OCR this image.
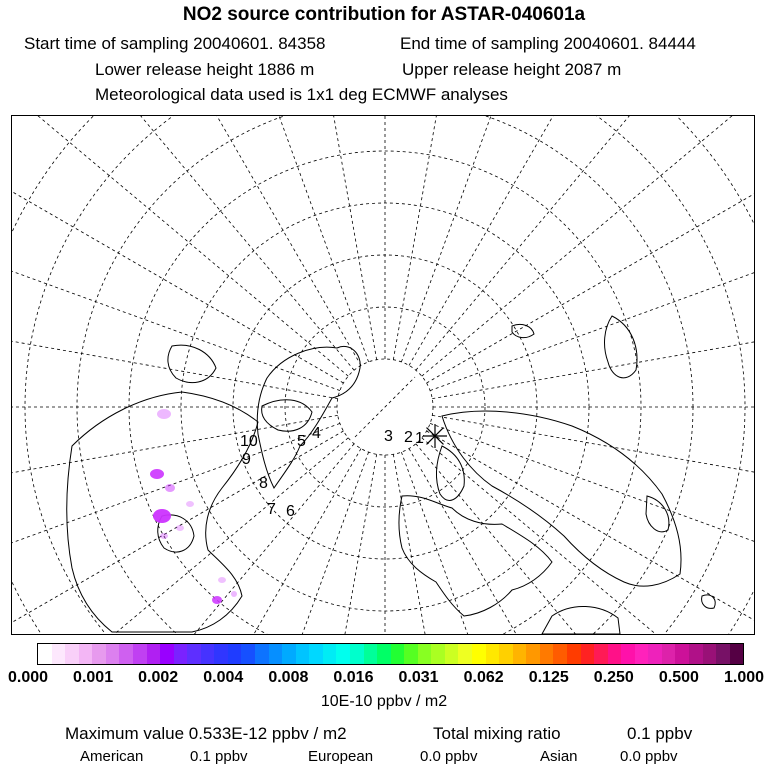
NO2 source contribution for ASTAR-040601a
Start time of sampling 20040601. 84358	End time of sampling 20040601. 84444
Lower release height 1886 m	Upper release height 2087 m
Meteorological data used is 1x1 deg ECMWF analyses
10
9
8
7 6
5 4	3 2 1
0.000 0.001 0.002 0.004 0.008 0.016 0.031 0.062 0.125 0.250 0.500 1.000
10E-10 ppbv / m2
Maximum value 0.533E-12 ppbv / m2	Total mixing ratio	0.1 ppbv
American	0.1 ppbv	European	0.0 ppbv	Asian	0.0 ppbv
